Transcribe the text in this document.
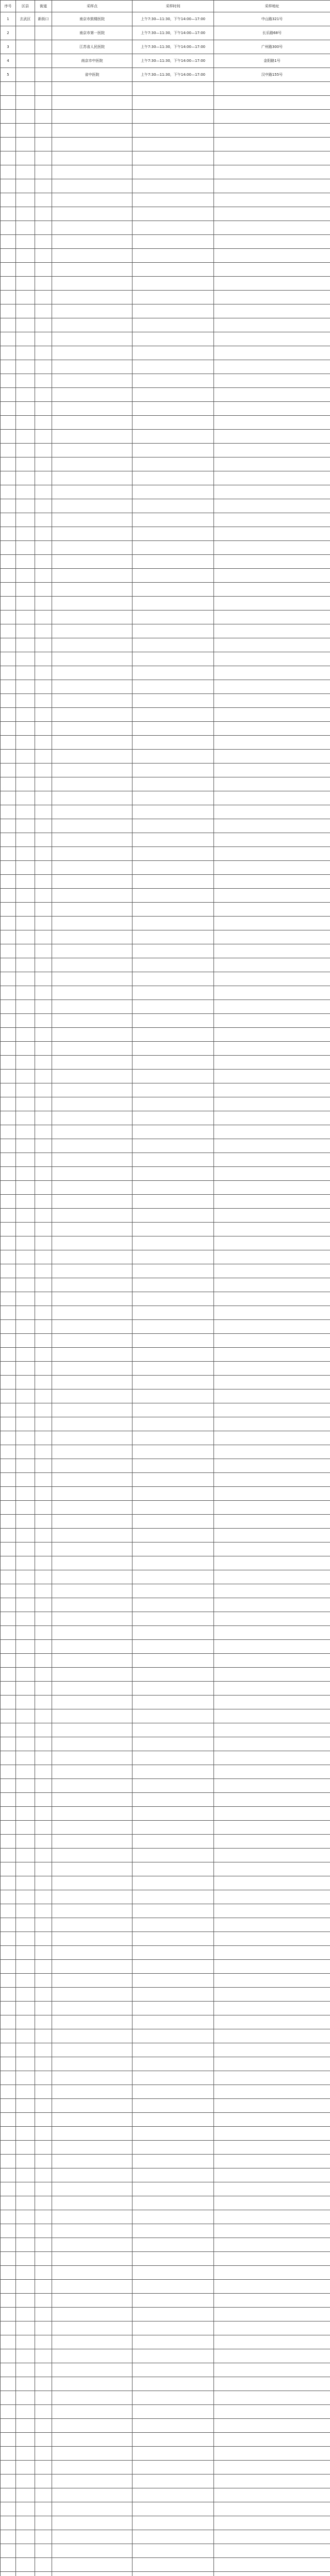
序号	区县	街道	采样点	采样时间	采样地址
1	玄武区	新街口	南京市鼓楼医院	上午7:30—11:30，下午14:00—17:00	中山路321号
2			南京市第一医院	上午7:30—11:30，下午14:00—17:00	长乐路68号
3			江苏省人民医院	上午7:30—11:30，下午14:00—17:00	广州路300号
4			南京市中医院	上午7:30—11:30，下午14:00—17:00	金阳路1号
5			省中医院	上午7:30—11:30，下午14:00—17:00	汉中路155号
